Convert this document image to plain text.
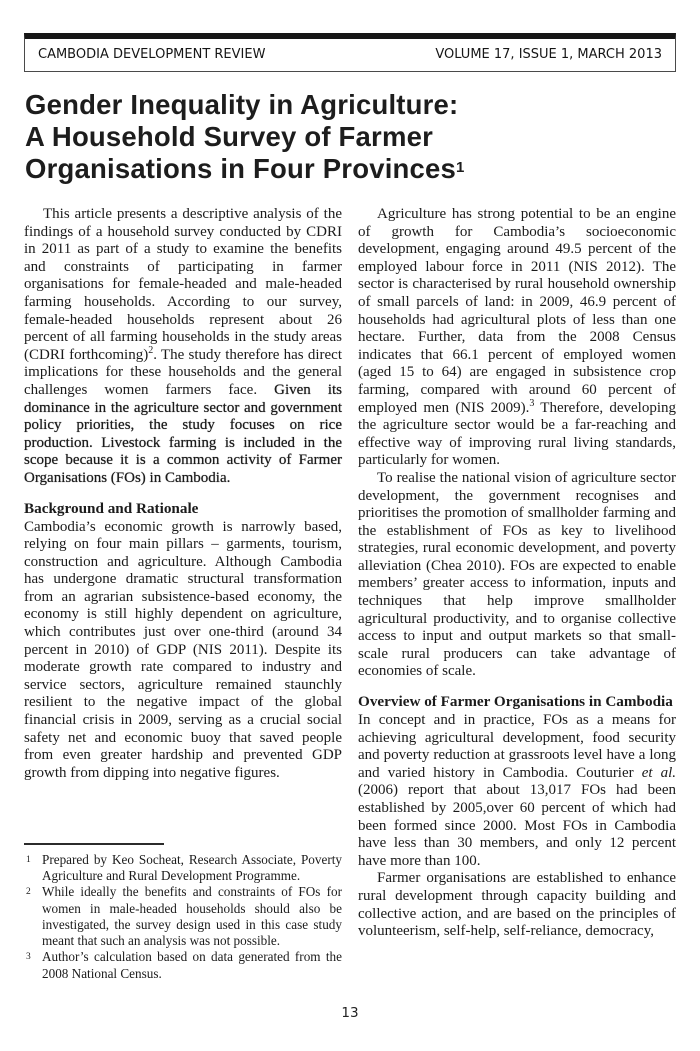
CAMBODIA DEVELOPMENT REVIEW	VOLUME 17, ISSUE 1, MARCH 2013
Gender Inequality in Agriculture:
A Household Survey of Farmer
Organisations in Four Provinces$^1$

This article presents a descriptive analysis of the findings of a household survey conducted by CDRI in 2011 as part of a study to examine the benefits and constraints of participating in farmer organisations for female-headed and male-headed farming households. According to our survey, female-headed households represent about 26 percent of all farming households in the study areas (CDRI forthcoming)$^2$. The study therefore has direct implications for these households and the general challenges women farmers face. Given its dominance in the agriculture sector and government policy priorities, the study focuses on rice production. Livestock farming is included in the scope because it is a common activity of Farmer Organisations (FOs) in Cambodia.

Background and Rationale

Cambodia’s economic growth is narrowly based, relying on four main pillars – garments, tourism, construction and agriculture. Although Cambodia has undergone dramatic structural transformation from an agrarian subsistence-based economy, the economy is still highly dependent on agriculture, which contributes just over one-third (around 34 percent in 2010) of GDP (NIS 2011). Despite its moderate growth rate compared to industry and service sectors, agriculture remained staunchly resilient to the negative impact of the global financial crisis in 2009, serving as a crucial social safety net and economic buoy that saved people from even greater hardship and prevented GDP growth from dipping into negative figures.

1 Prepared by Keo Socheat, Research Associate, Poverty Agriculture and Rural Development Programme.

2 While ideally the benefits and constraints of FOs for women in male-headed households should also be investigated, the survey design used in this case study meant that such an analysis was not possible.

3 Author’s calculation based on data generated from the 2008 National Census.

Agriculture has strong potential to be an engine of growth for Cambodia’s socioeconomic development, engaging around 49.5 percent of the employed labour force in 2011 (NIS 2012). The sector is characterised by rural household ownership of small parcels of land: in 2009, 46.9 percent of households had agricultural plots of less than one hectare. Further, data from the 2008 Census indicates that 66.1 percent of employed women (aged 15 to 64) are engaged in subsistence crop farming, compared with around 60 percent of employed men (NIS 2009).$^3$ Therefore, developing the agriculture sector would be a far-reaching and effective way of improving rural living standards, particularly for women.

To realise the national vision of agriculture sector development, the government recognises and prioritises the promotion of smallholder farming and the establishment of FOs as key to livelihood strategies, rural economic development, and poverty alleviation (Chea 2010). FOs are expected to enable members’ greater access to information, inputs and techniques that help improve smallholder agricultural productivity, and to organise collective access to input and output markets so that small-scale rural producers can take advantage of economies of scale.

Overview of Farmer Organisations in Cambodia

In concept and in practice, FOs as a means for achieving agricultural development, food security and poverty reduction at grassroots level have a long and varied history in Cambodia. Couturier et al. (2006) report that about 13,017 FOs had been established by 2005,over 60 percent of which had been formed since 2000. Most FOs in Cambodia have less than 30 members, and only 12 percent have more than 100.

Farmer organisations are established to enhance rural development through capacity building and collective action, and are based on the principles of volunteerism, self-help, self-reliance, democracy,

13
